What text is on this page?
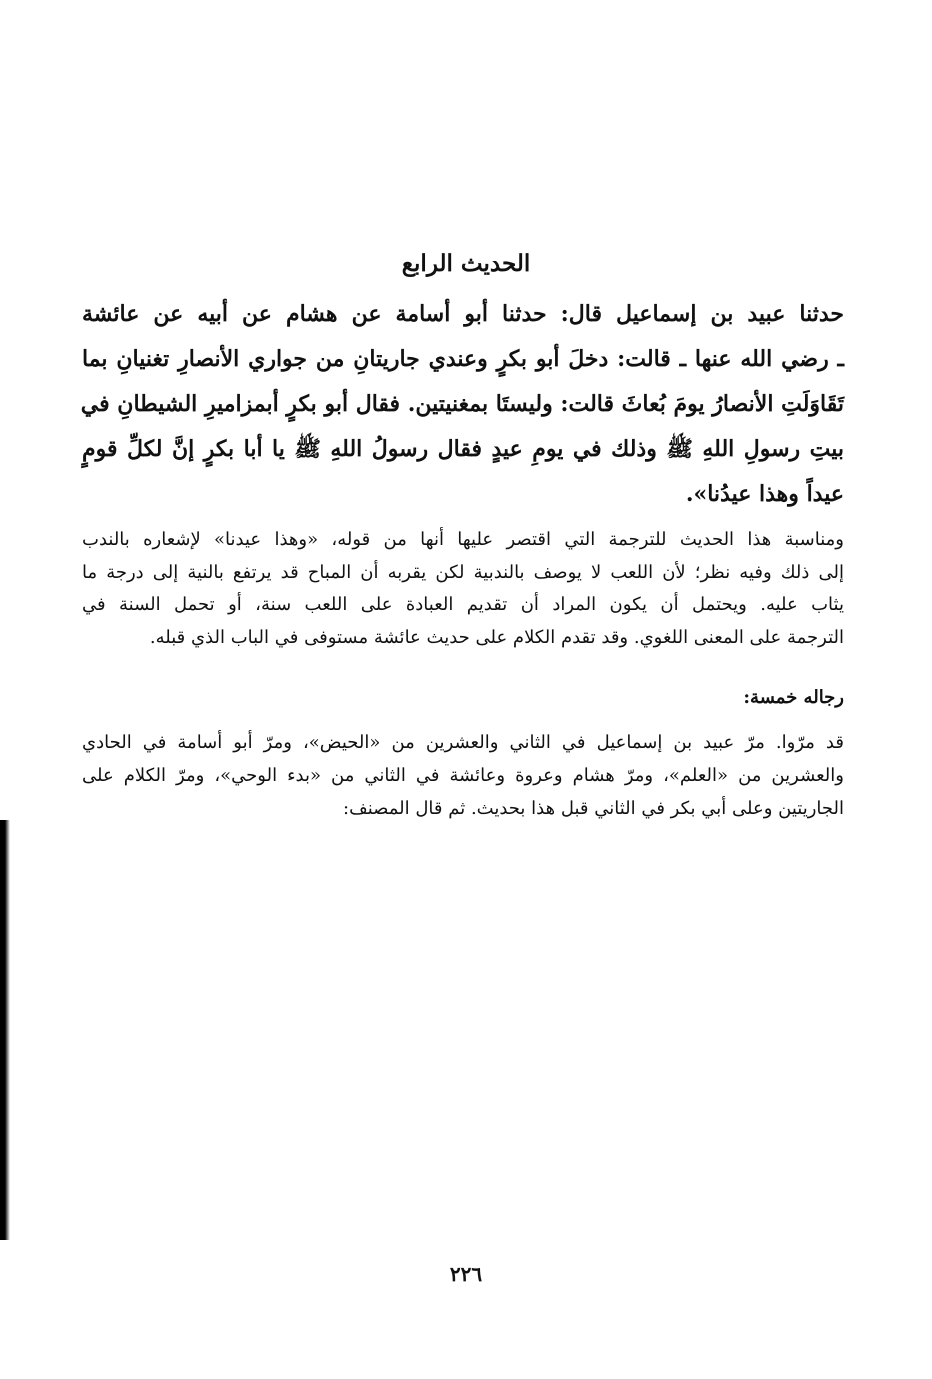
الحديث الرابع
حدثنا عبيد بن إسماعيل قال: حدثنا أبو أسامة عن هشام عن أبيه عن عائشة
ـ رضي الله عنها ـ قالت: دخلَ أبو بكرٍ وعندي جاريتانِ من جواري الأنصارِ تغنيانِ بما
تَقَاوَلَتِ الأنصارُ يومَ بُعاثَ قالت: وليستَا بمغنيتين. فقال أبو بكرٍ أبمزاميرِ الشيطانِ في
بيتِ رسولِ اللهِ ﷺ وذلك في يومِ عيدٍ فقال رسولُ اللهِ ﷺ يا أبا بكرٍ إنَّ لكلِّ قومٍ
عيداً وهذا عيدُنا».
ومناسبة هذا الحديث للترجمة التي اقتصر عليها أنها من قوله، «وهذا عيدنا» لإشعاره بالندب
إلى ذلك وفيه نظر؛ لأن اللعب لا يوصف بالندبية لكن يقربه أن المباح قد يرتفع بالنية إلى درجة ما
يثاب عليه. ويحتمل أن يكون المراد أن تقديم العبادة على اللعب سنة، أو تحمل السنة في
الترجمة على المعنى اللغوي. وقد تقدم الكلام على حديث عائشة مستوفى في الباب الذي قبله.
رجاله خمسة:
قد مرّوا. مرّ عبيد بن إسماعيل في الثاني والعشرين من «الحيض»، ومرّ أبو أسامة في الحادي
والعشرين من «العلم»، ومرّ هشام وعروة وعائشة في الثاني من «بدء الوحي»، ومرّ الكلام على
الجاريتين وعلى أبي بكر في الثاني قبل هذا بحديث. ثم قال المصنف:
٢٢٦
